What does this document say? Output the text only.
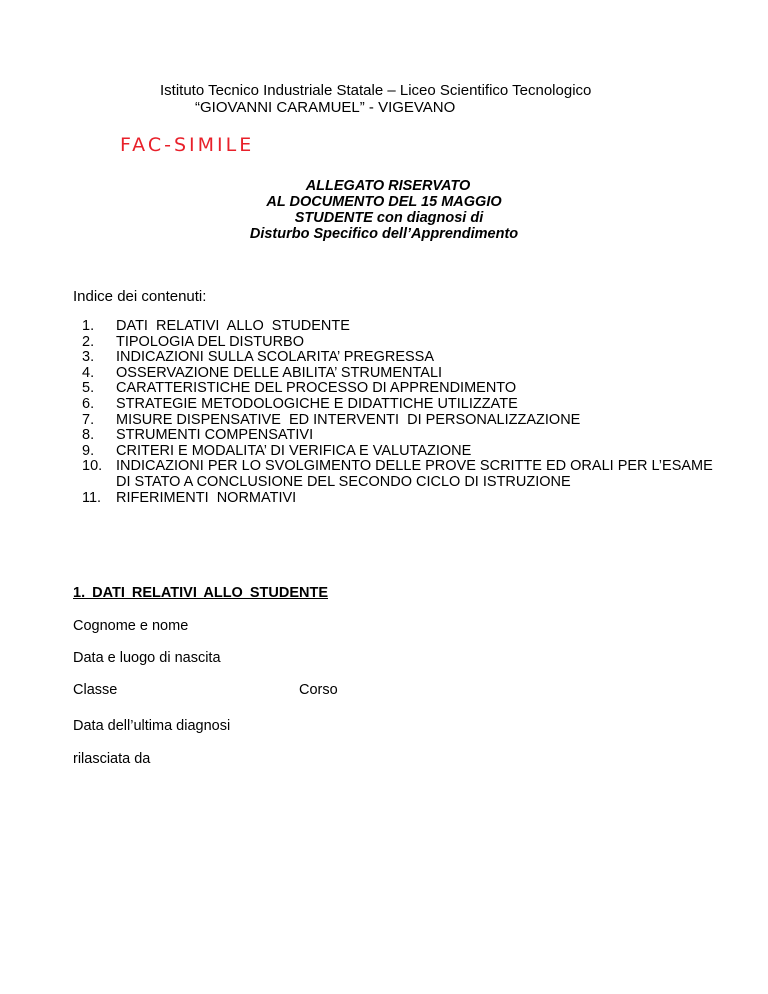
Istituto Tecnico Industriale Statale – Liceo Scientifico Tecnologico
“GIOVANNI CARAMUEL” - VIGEVANO
FAC-SIMILE
ALLEGATO RISERVATO
AL DOCUMENTO DEL 15 MAGGIO
STUDENTE con diagnosi di
Disturbo Specifico dell’Apprendimento
Indice dei contenuti:
1.	DATI  RELATIVI  ALLO  STUDENTE
2.	TIPOLOGIA DEL DISTURBO
3.	INDICAZIONI SULLA SCOLARITA’ PREGRESSA
4.	OSSERVAZIONE DELLE ABILITA’ STRUMENTALI
5.	CARATTERISTICHE DEL PROCESSO DI APPRENDIMENTO
6.	STRATEGIE METODOLOGICHE E DIDATTICHE UTILIZZATE
7.	MISURE DISPENSATIVE  ED INTERVENTI  DI PERSONALIZZAZIONE
8.	STRUMENTI COMPENSATIVI
9.	CRITERI E MODALITA’ DI VERIFICA E VALUTAZIONE
10. INDICAZIONI PER LO SVOLGIMENTO DELLE PROVE SCRITTE ED ORALI PER L’ESAME DI STATO A CONCLUSIONE DEL SECONDO CICLO DI ISTRUZIONE
11.	RIFERIMENTI  NORMATIVI
1. DATI RELATIVI ALLO STUDENTE
Cognome e nome
Data e luogo di nascita
Classe	Corso
Data dell’ultima diagnosi
rilasciata da
